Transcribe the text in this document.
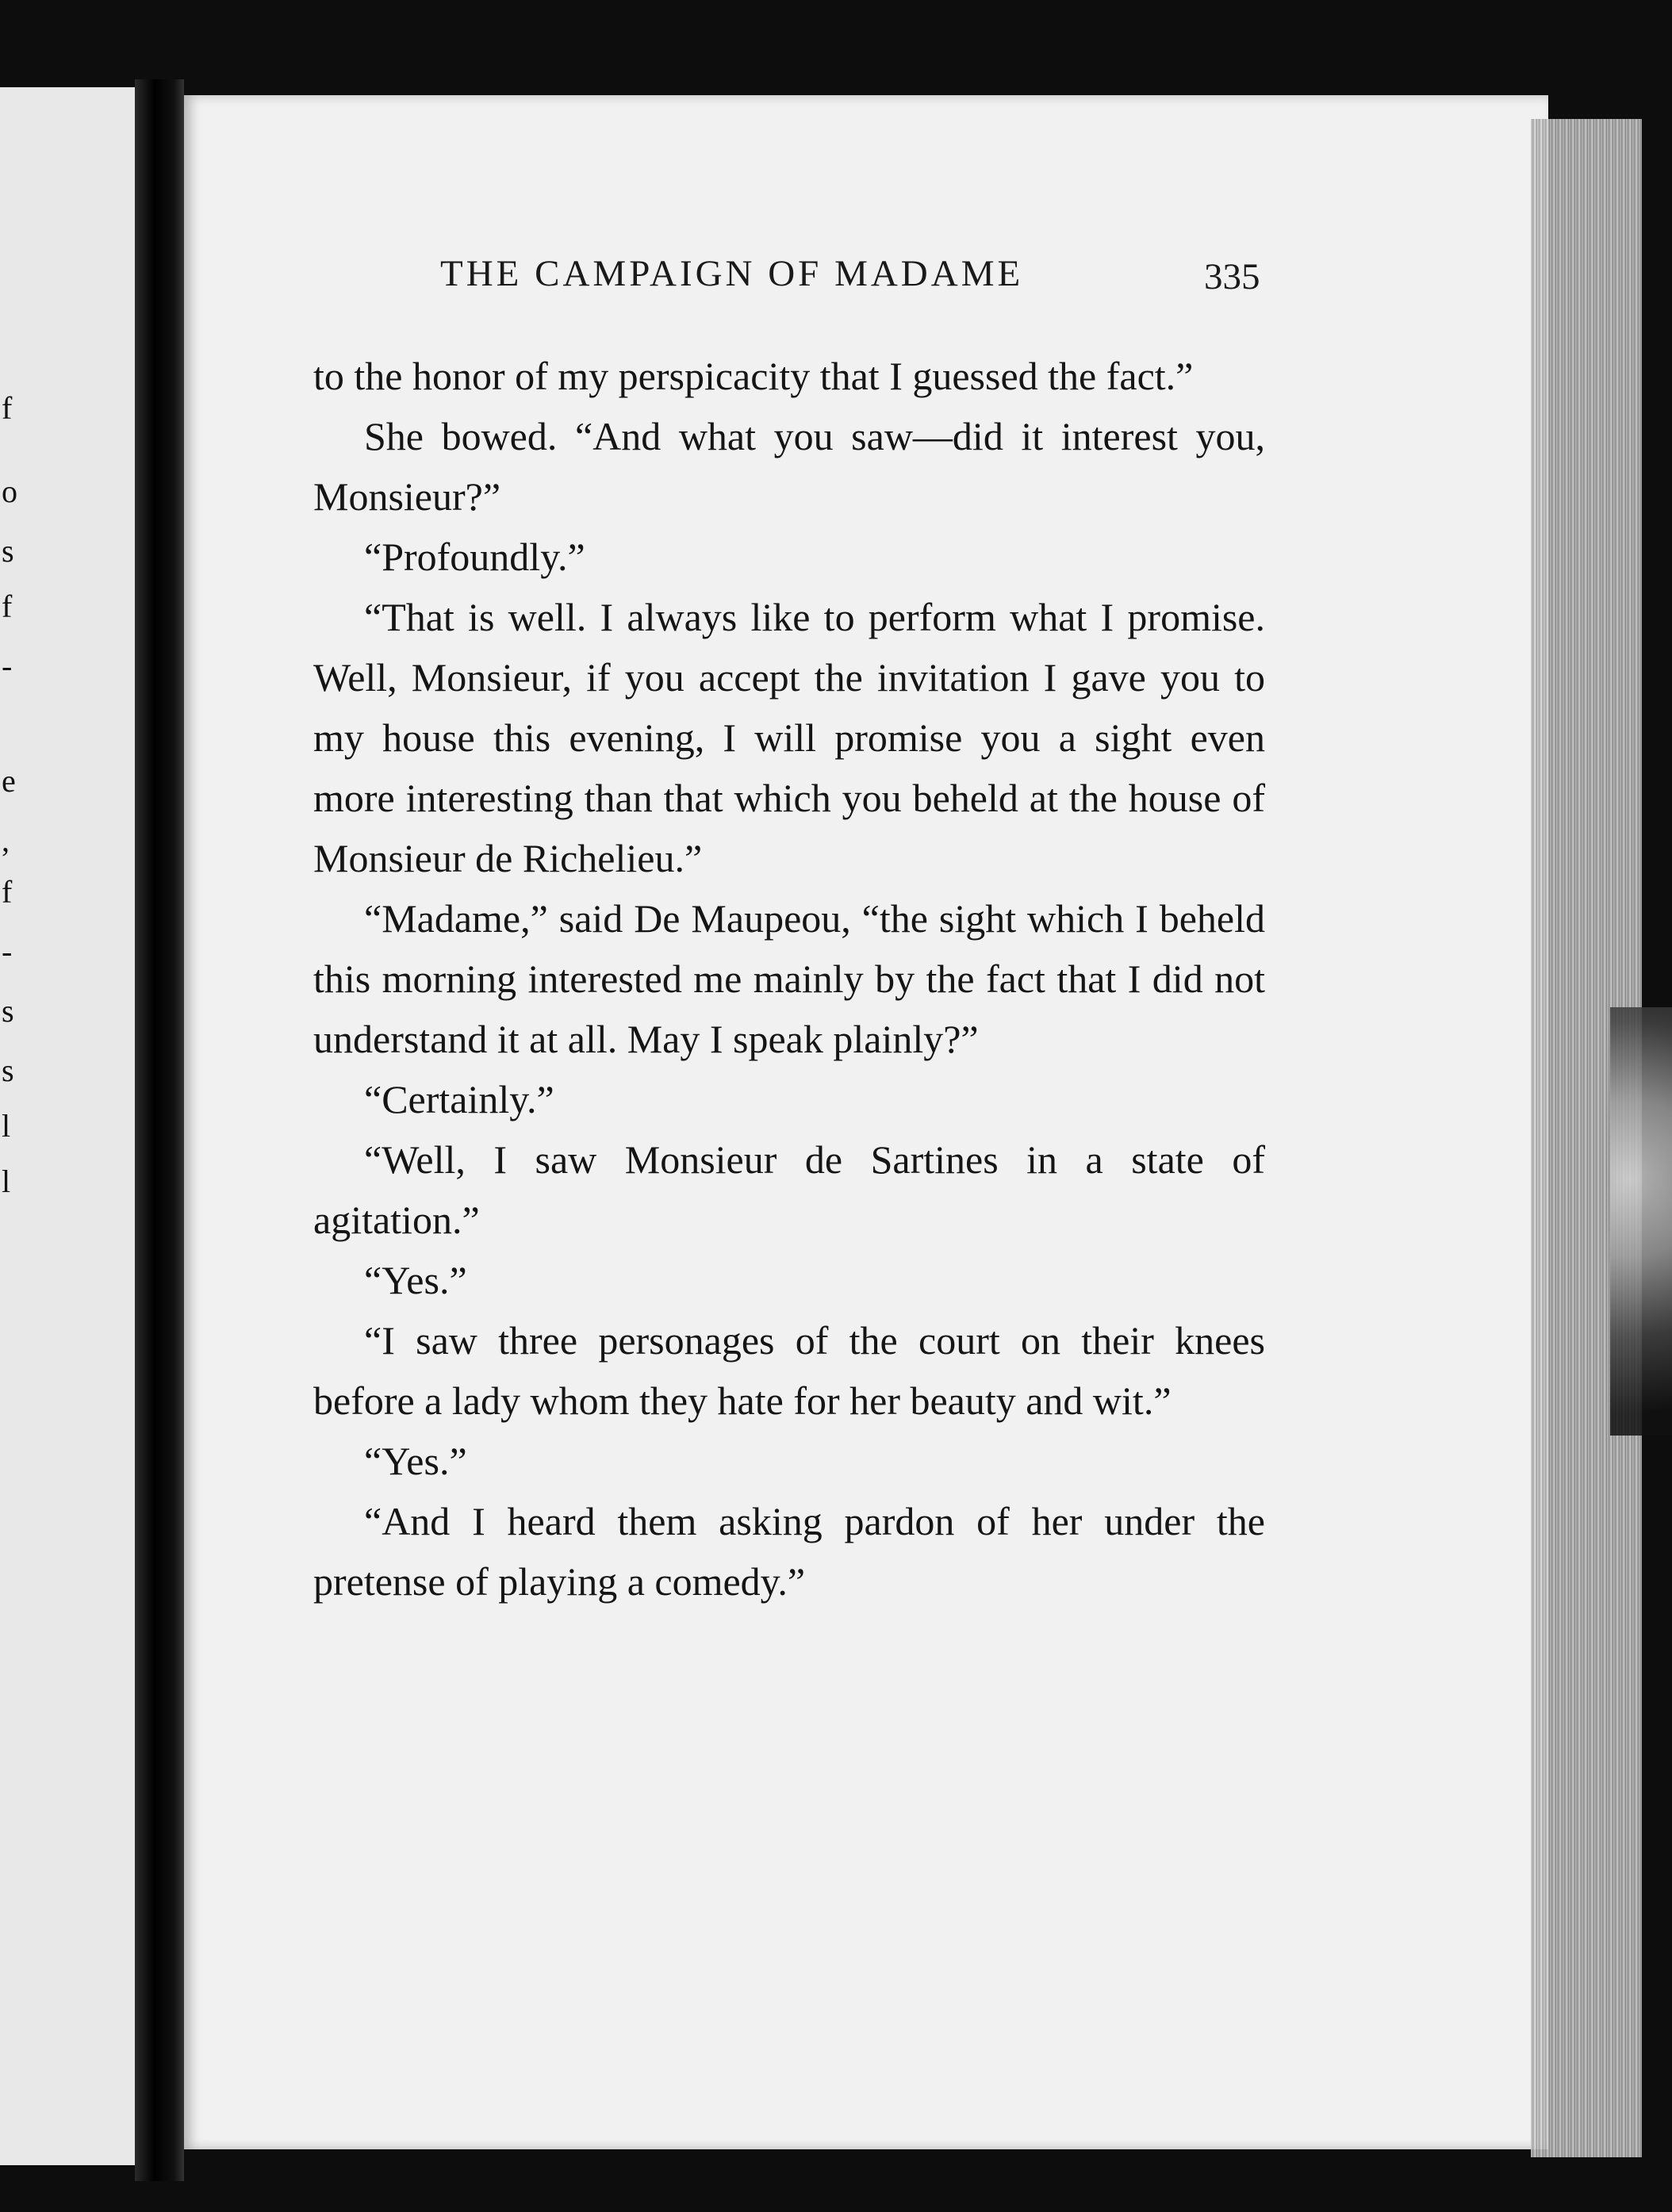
f
o
s
f
-
e
,
f
-
s
s
l
l
THE CAMPAIGN OF MADAME	335

to the honor of my perspicacity that I guessed the fact.”

She bowed. “And what you saw—did it interest you, Monsieur?”

“Profoundly.”

“That is well. I always like to perform what I promise. Well, Monsieur, if you accept the invitation I gave you to my house this evening, I will promise you a sight even more interesting than that which you beheld at the house of Monsieur de Richelieu.”

“Madame,” said De Maupeou, “the sight which I beheld this morning interested me mainly by the fact that I did not understand it at all. May I speak plainly?”

“Certainly.”

“Well, I saw Monsieur de Sartines in a state of agitation.”

“Yes.”

“I saw three personages of the court on their knees before a lady whom they hate for her beauty and wit.”

“Yes.”

“And I heard them asking pardon of her under the pretense of playing a comedy.”
